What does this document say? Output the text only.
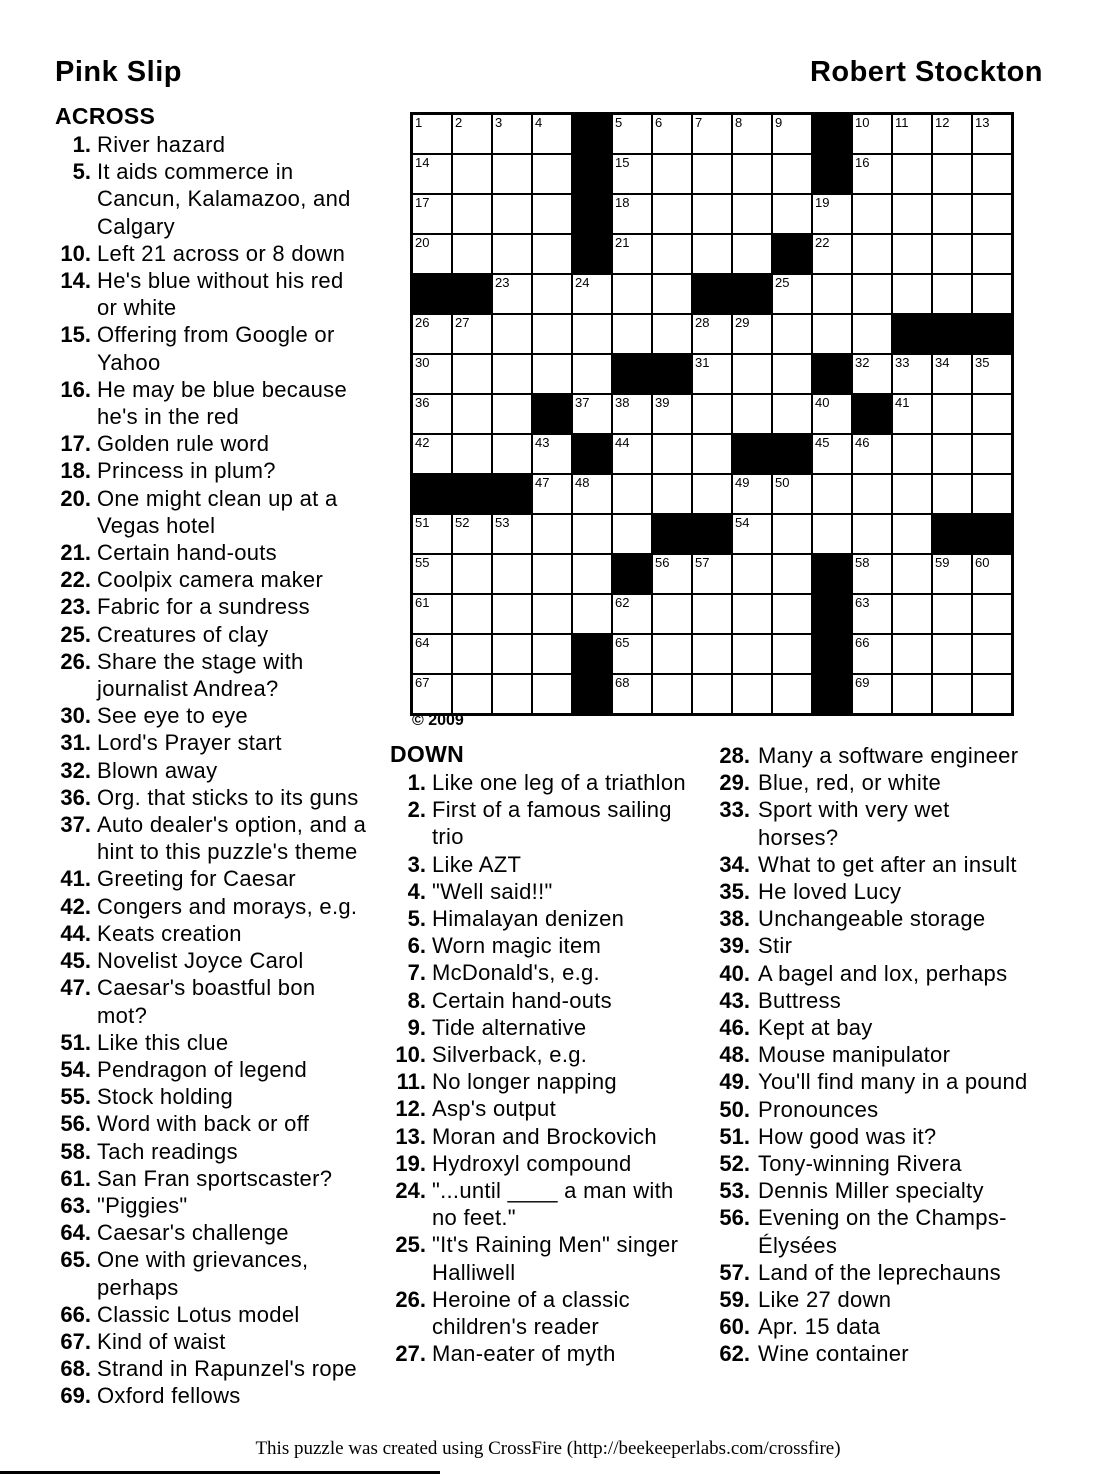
Pink Slip	Robert Stockton
ACROSS
1. River hazard
5. It aids commerce in
Cancun, Kalamazoo, and
Calgary
10. Left 21 across or 8 down
14. He's blue without his red
or white
15. Offering from Google or
Yahoo
16. He may be blue because
he's in the red
17. Golden rule word
18. Princess in plum?
20. One might clean up at a
Vegas hotel
21. Certain hand-outs
22. Coolpix camera maker
23. Fabric for a sundress
25. Creatures of clay
26. Share the stage with
journalist Andrea?
30. See eye to eye
31. Lord's Prayer start
32. Blown away
36. Org. that sticks to its guns
37. Auto dealer's option, and a
hint to this puzzle's theme
41. Greeting for Caesar
42. Congers and morays, e.g.
44. Keats creation
45. Novelist Joyce Carol
47. Caesar's boastful bon
mot?
51. Like this clue
54. Pendragon of legend
55. Stock holding
56. Word with back or off
58. Tach readings
61. San Fran sportscaster?
63. "Piggies"
64. Caesar's challenge
65. One with grievances,
perhaps
66. Classic Lotus model
67. Kind of waist
68. Strand in Rapunzel's rope
69. Oxford fellows
1	2	3	4	5	6	7	8	9	10 11 12 13
14	15	16
17	18	19
20	21	22
23	24	25
26 27	28 29
30	31	32 33 34 35
36	37 38 39	40	41
42	43	44	45 46
47 48	49 50
51 52 53	54
55	56 57	58	59 60
61	62	63
64	65	66
67	68	69
© 2009
DOWN
1. Like one leg of a triathlon
2. First of a famous sailing
trio
3. Like AZT
4. "Well said!!"
5. Himalayan denizen
6. Worn magic item
7. McDonald's, e.g.
8. Certain hand-outs
9. Tide alternative
10. Silverback, e.g.
11. No longer napping
12. Asp's output
13. Moran and Brockovich
19. Hydroxyl compound
24. "...until ____ a man with
no feet."
25. "It's Raining Men" singer
Halliwell
26. Heroine of a classic
children's reader
27. Man-eater of myth
28. Many a software engineer
29. Blue, red, or white
33. Sport with very wet
horses?
34. What to get after an insult
35. He loved Lucy
38. Unchangeable storage
39. Stir
40. A bagel and lox, perhaps
43. Buttress
46. Kept at bay
48. Mouse manipulator
49. You'll find many in a pound
50. Pronounces
51. How good was it?
52. Tony-winning Rivera
53. Dennis Miller specialty
56. Evening on the Champs-
Élysées
57. Land of the leprechauns
59. Like 27 down
60. Apr. 15 data
62. Wine container
This puzzle was created using CrossFire (http://beekeeperlabs.com/crossfire)
